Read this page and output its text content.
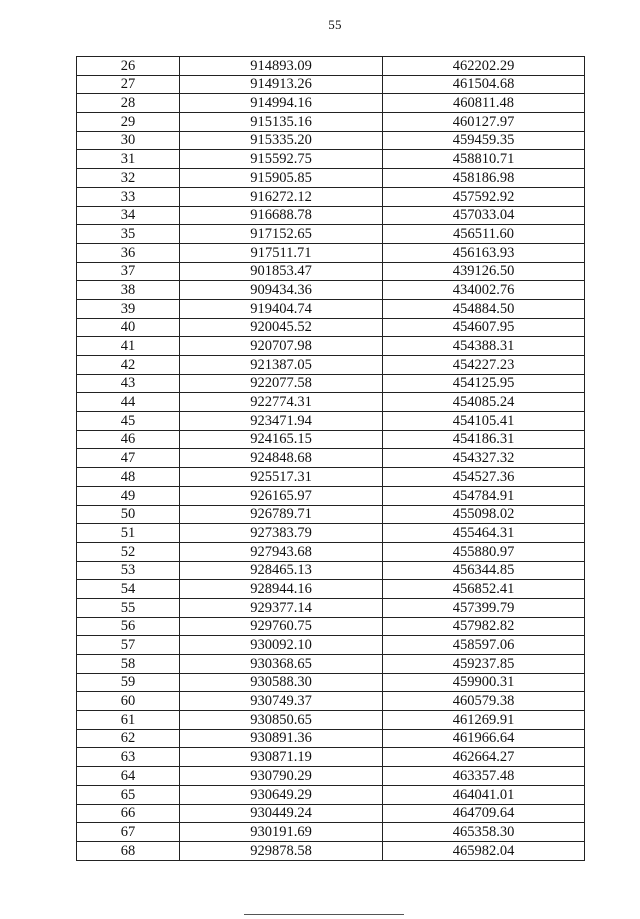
55
26	914893.09	462202.29
27	914913.26	461504.68
28	914994.16	460811.48
29	915135.16	460127.97
30	915335.20	459459.35
31	915592.75	458810.71
32	915905.85	458186.98
33	916272.12	457592.92
34	916688.78	457033.04
35	917152.65	456511.60
36	917511.71	456163.93
37	901853.47	439126.50
38	909434.36	434002.76
39	919404.74	454884.50
40	920045.52	454607.95
41	920707.98	454388.31
42	921387.05	454227.23
43	922077.58	454125.95
44	922774.31	454085.24
45	923471.94	454105.41
46	924165.15	454186.31
47	924848.68	454327.32
48	925517.31	454527.36
49	926165.97	454784.91
50	926789.71	455098.02
51	927383.79	455464.31
52	927943.68	455880.97
53	928465.13	456344.85
54	928944.16	456852.41
55	929377.14	457399.79
56	929760.75	457982.82
57	930092.10	458597.06
58	930368.65	459237.85
59	930588.30	459900.31
60	930749.37	460579.38
61	930850.65	461269.91
62	930891.36	461966.64
63	930871.19	462664.27
64	930790.29	463357.48
65	930649.29	464041.01
66	930449.24	464709.64
67	930191.69	465358.30
68	929878.58	465982.04
